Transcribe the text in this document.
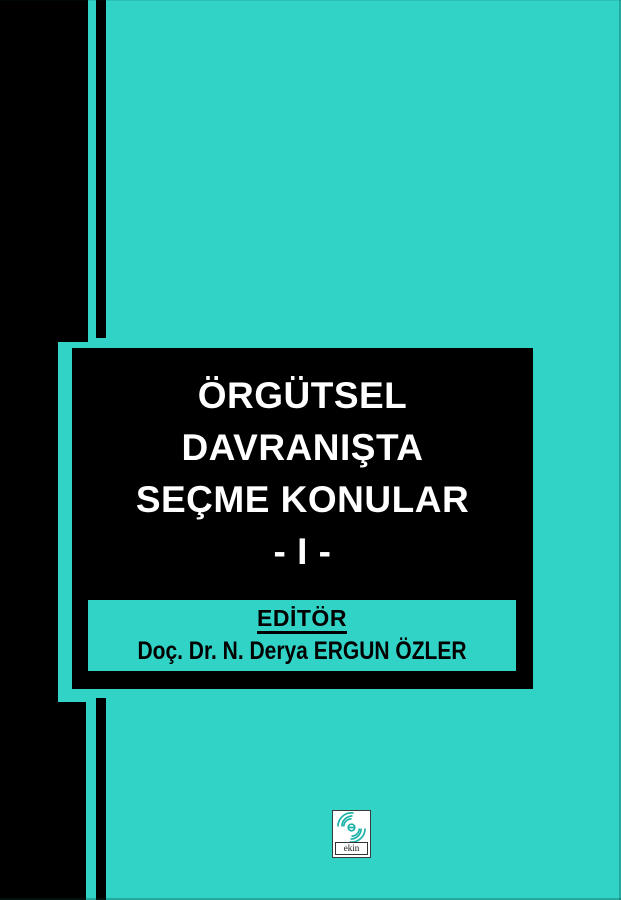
ÖRGÜTSEL
DAVRANIŞTA
SEÇME KONULAR
- I -
EDİTÖR
Doç. Dr. N. Derya ERGUN ÖZLER
ekin
